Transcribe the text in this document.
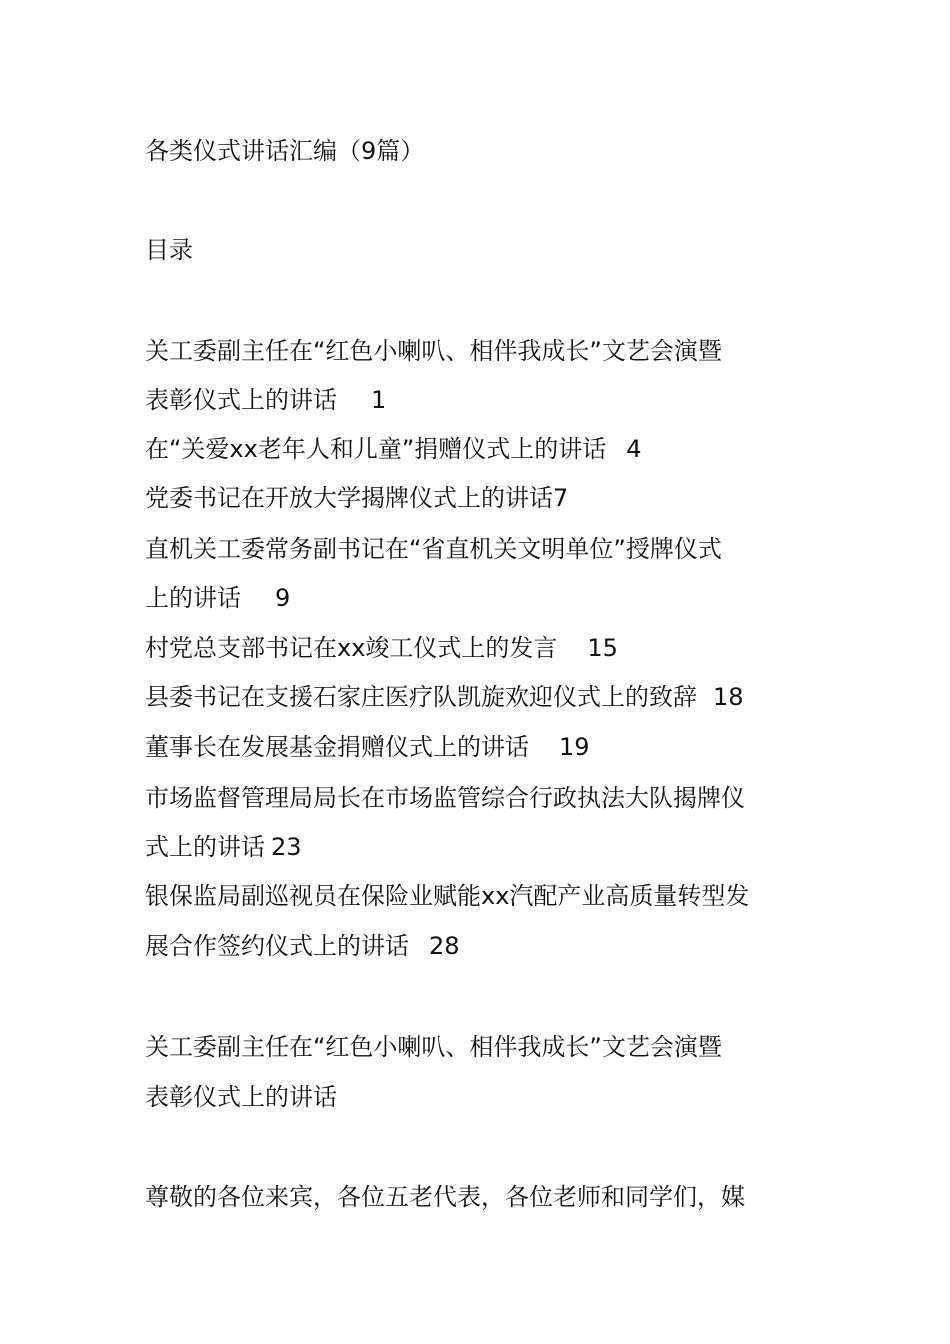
各类仪式讲话汇编（9篇）
目录
关工委副主任在“红色小喇叭、相伴我成长”文艺会演暨
表彰仪式上的讲话 1
在“关爱xx老年人和儿童”捐赠仪式上的讲话 4
党委书记在开放大学揭牌仪式上的讲话7
直机关工委常务副书记在“省直机关文明单位”授牌仪式
上的讲话 9
村党总支部书记在xx竣工仪式上的发言 15
县委书记在支援石家庄医疗队凯旋欢迎仪式上的致辞 18
董事长在发展基金捐赠仪式上的讲话 19
市场监督管理局局长在市场监管综合行政执法大队揭牌仪
式上的讲话 23
银保监局副巡视员在保险业赋能xx汽配产业高质量转型发
展合作签约仪式上的讲话 28
关工委副主任在“红色小喇叭、相伴我成长”文艺会演暨
表彰仪式上的讲话
尊敬的各位来宾，各位五老代表，各位老师和同学们，媒
